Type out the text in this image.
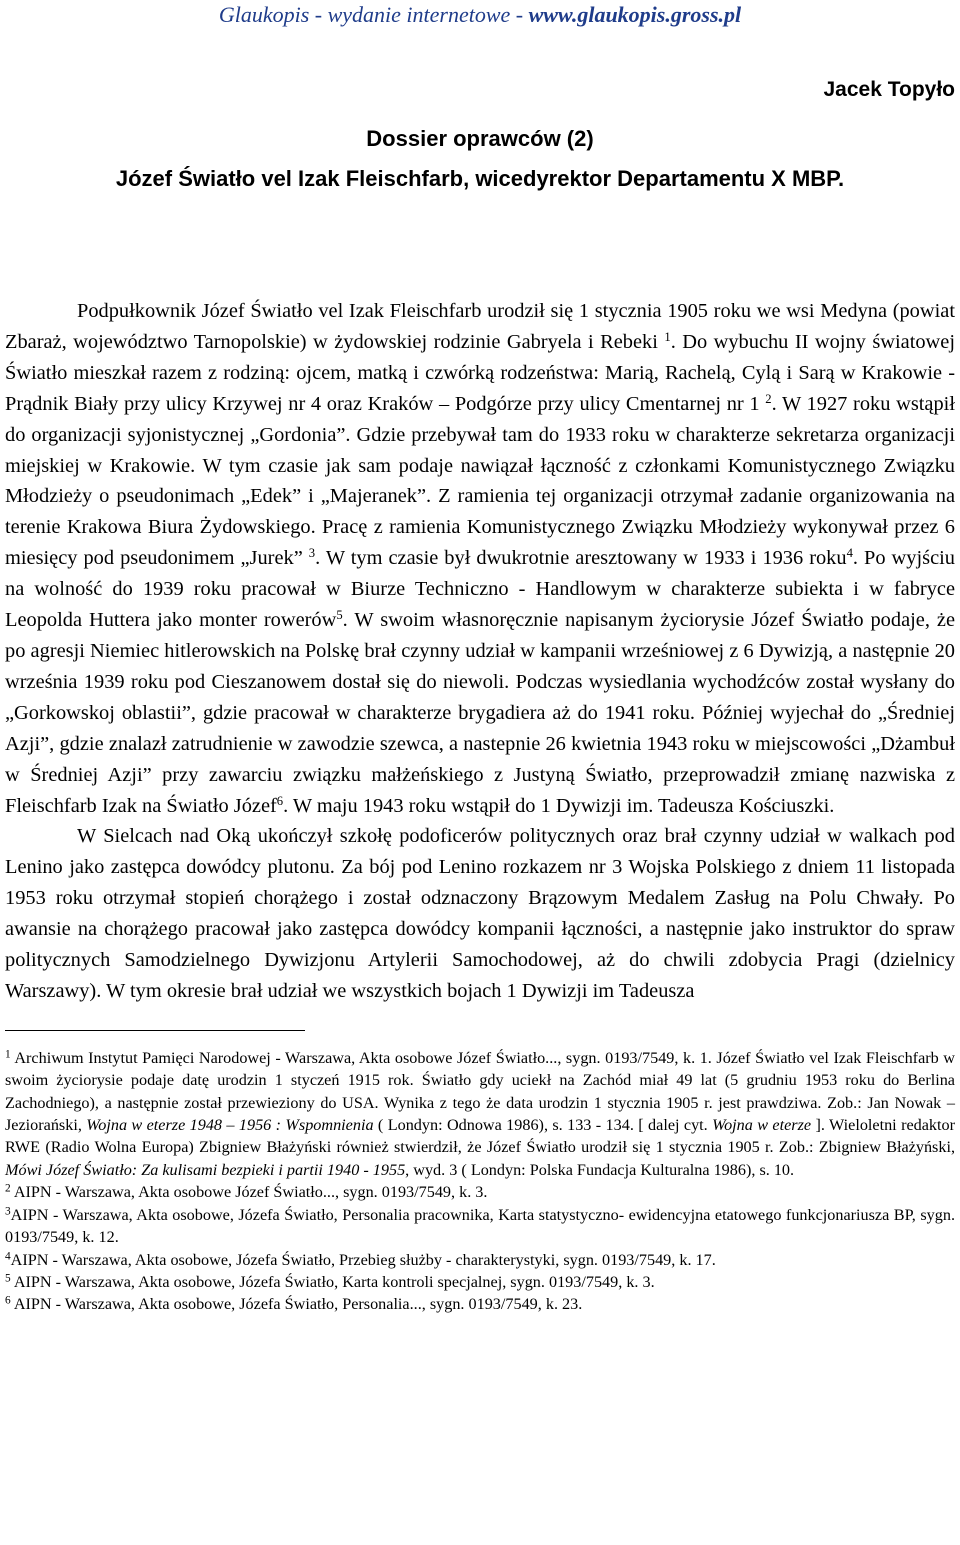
Glaukopis - wydanie internetowe - www.glaukopis.gross.pl
Jacek Topyło
Dossier oprawców (2)
Józef Światło vel Izak Fleischfarb, wicedyrektor Departamentu X MBP.

Podpułkownik Józef Światło vel Izak Fleischfarb urodził się 1 stycznia 1905 roku we wsi Medyna (powiat Zbaraż, województwo Tarnopolskie) w żydowskiej rodzinie Gabryela i Rebeki $^1$. Do wybuchu II wojny światowej Światło mieszkał razem z rodziną: ojcem, matką i czwórką rodzeństwa: Marią, Rachelą, Cylą i Sarą w Krakowie - Prądnik Biały przy ulicy Krzywej nr 4 oraz Kraków – Podgórze przy ulicy Cmentarnej nr 1 $^2$. W 1927 roku wstąpił do organizacji syjonistycznej „Gordonia”. Gdzie przebywał tam do 1933 roku w charakterze sekretarza organizacji miejskiej w Krakowie. W tym czasie jak sam podaje nawiązał łączność z członkami Komunistycznego Związku Młodzieży o pseudonimach „Edek” i „Majeranek”. Z ramienia tej organizacji otrzymał zadanie organizowania na terenie Krakowa Biura Żydowskiego. Pracę z ramienia Komunistycznego Związku Młodzieży wykonywał przez 6 miesięcy pod pseudonimem „Jurek” $^3$. W tym czasie był dwukrotnie aresztowany w 1933 i 1936 roku$^4$. Po wyjściu na wolność do 1939 roku pracował w Biurze Techniczno - Handlowym w charakterze subiekta i w fabryce Leopolda Huttera jako monter rowerów$^5$. W swoim własnoręcznie napisanym życiorysie Józef Światło podaje, że po agresji Niemiec hitlerowskich na Polskę brał czynny udział w kampanii wrześniowej z 6 Dywizją, a następnie 20 września 1939 roku pod Cieszanowem dostał się do niewoli. Podczas wysiedlania wychodźców został wysłany do „Gorkowskoj oblastii”, gdzie pracował w charakterze brygadiera aż do 1941 roku. Później wyjechał do „Średniej Azji”, gdzie znalazł zatrudnienie w zawodzie szewca, a nastepnie 26 kwietnia 1943 roku w miejscowości „Dżambuł w Średniej Azji” przy zawarciu związku małżeńskiego z Justyną Światło, przeprowadził zmianę nazwiska z Fleischfarb Izak na Światło Józef$^6$. W maju 1943 roku wstąpił do 1 Dywizji im. Tadeusza Kościuszki.

W Sielcach nad Oką ukończył szkołę podoficerów politycznych oraz brał czynny udział w walkach pod Lenino jako zastępca dowódcy plutonu. Za bój pod Lenino rozkazem nr 3 Wojska Polskiego z dniem 11 listopada 1953 roku otrzymał stopień chorążego i został odznaczony Brązowym Medalem Zasług na Polu Chwały. Po awansie na chorążego pracował jako zastępca dowódcy kompanii łączności, a następnie jako instruktor do spraw politycznych Samodzielnego Dywizjonu Artylerii Samochodowej, aż do chwili zdobycia Pragi (dzielnicy Warszawy). W tym okresie brał udział we wszystkich bojach 1 Dywizji im Tadeusza

$^1$ Archiwum Instytut Pamięci Narodowej - Warszawa, Akta osobowe Józef Światło..., sygn. 0193/7549, k. 1. Józef Światło vel Izak Fleischfarb w swoim życiorysie podaje datę urodzin 1 styczeń 1915 rok. Światło gdy uciekł na Zachód miał 49 lat (5 grudniu 1953 roku do Berlina Zachodniego), a następnie został przewieziony do USA. Wynika z tego że data urodzin 1 stycznia 1905 r. jest prawdziwa. Zob.: Jan Nowak – Jeziorański, Wojna w eterze 1948 – 1956 : Wspomnienia ( Londyn: Odnowa 1986), s. 133 - 134. [ dalej cyt. Wojna w eterze ]. Wieloletni redaktor RWE (Radio Wolna Europa) Zbigniew Błażyński również stwierdził, że Józef Światło urodził się 1 stycznia 1905 r. Zob.: Zbigniew Błażyński, Mówi Józef Światło: Za kulisami bezpieki i partii 1940 - 1955, wyd. 3 ( Londyn: Polska Fundacja Kulturalna 1986), s. 10.

$^2$ AIPN - Warszawa, Akta osobowe Józef Światło..., sygn. 0193/7549, k. 3.

$^3$AIPN - Warszawa, Akta osobowe, Józefa Światło, Personalia pracownika, Karta statystyczno- ewidencyjna etatowego funkcjonariusza BP, sygn. 0193/7549, k. 12.

$^4$AIPN - Warszawa, Akta osobowe, Józefa Światło, Przebieg służby - charakterystyki, sygn. 0193/7549, k. 17.

$^5$ AIPN - Warszawa, Akta osobowe, Józefa Światło, Karta kontroli specjalnej, sygn. 0193/7549, k. 3.

$^6$ AIPN - Warszawa, Akta osobowe, Józefa Światło, Personalia..., sygn. 0193/7549, k. 23.
